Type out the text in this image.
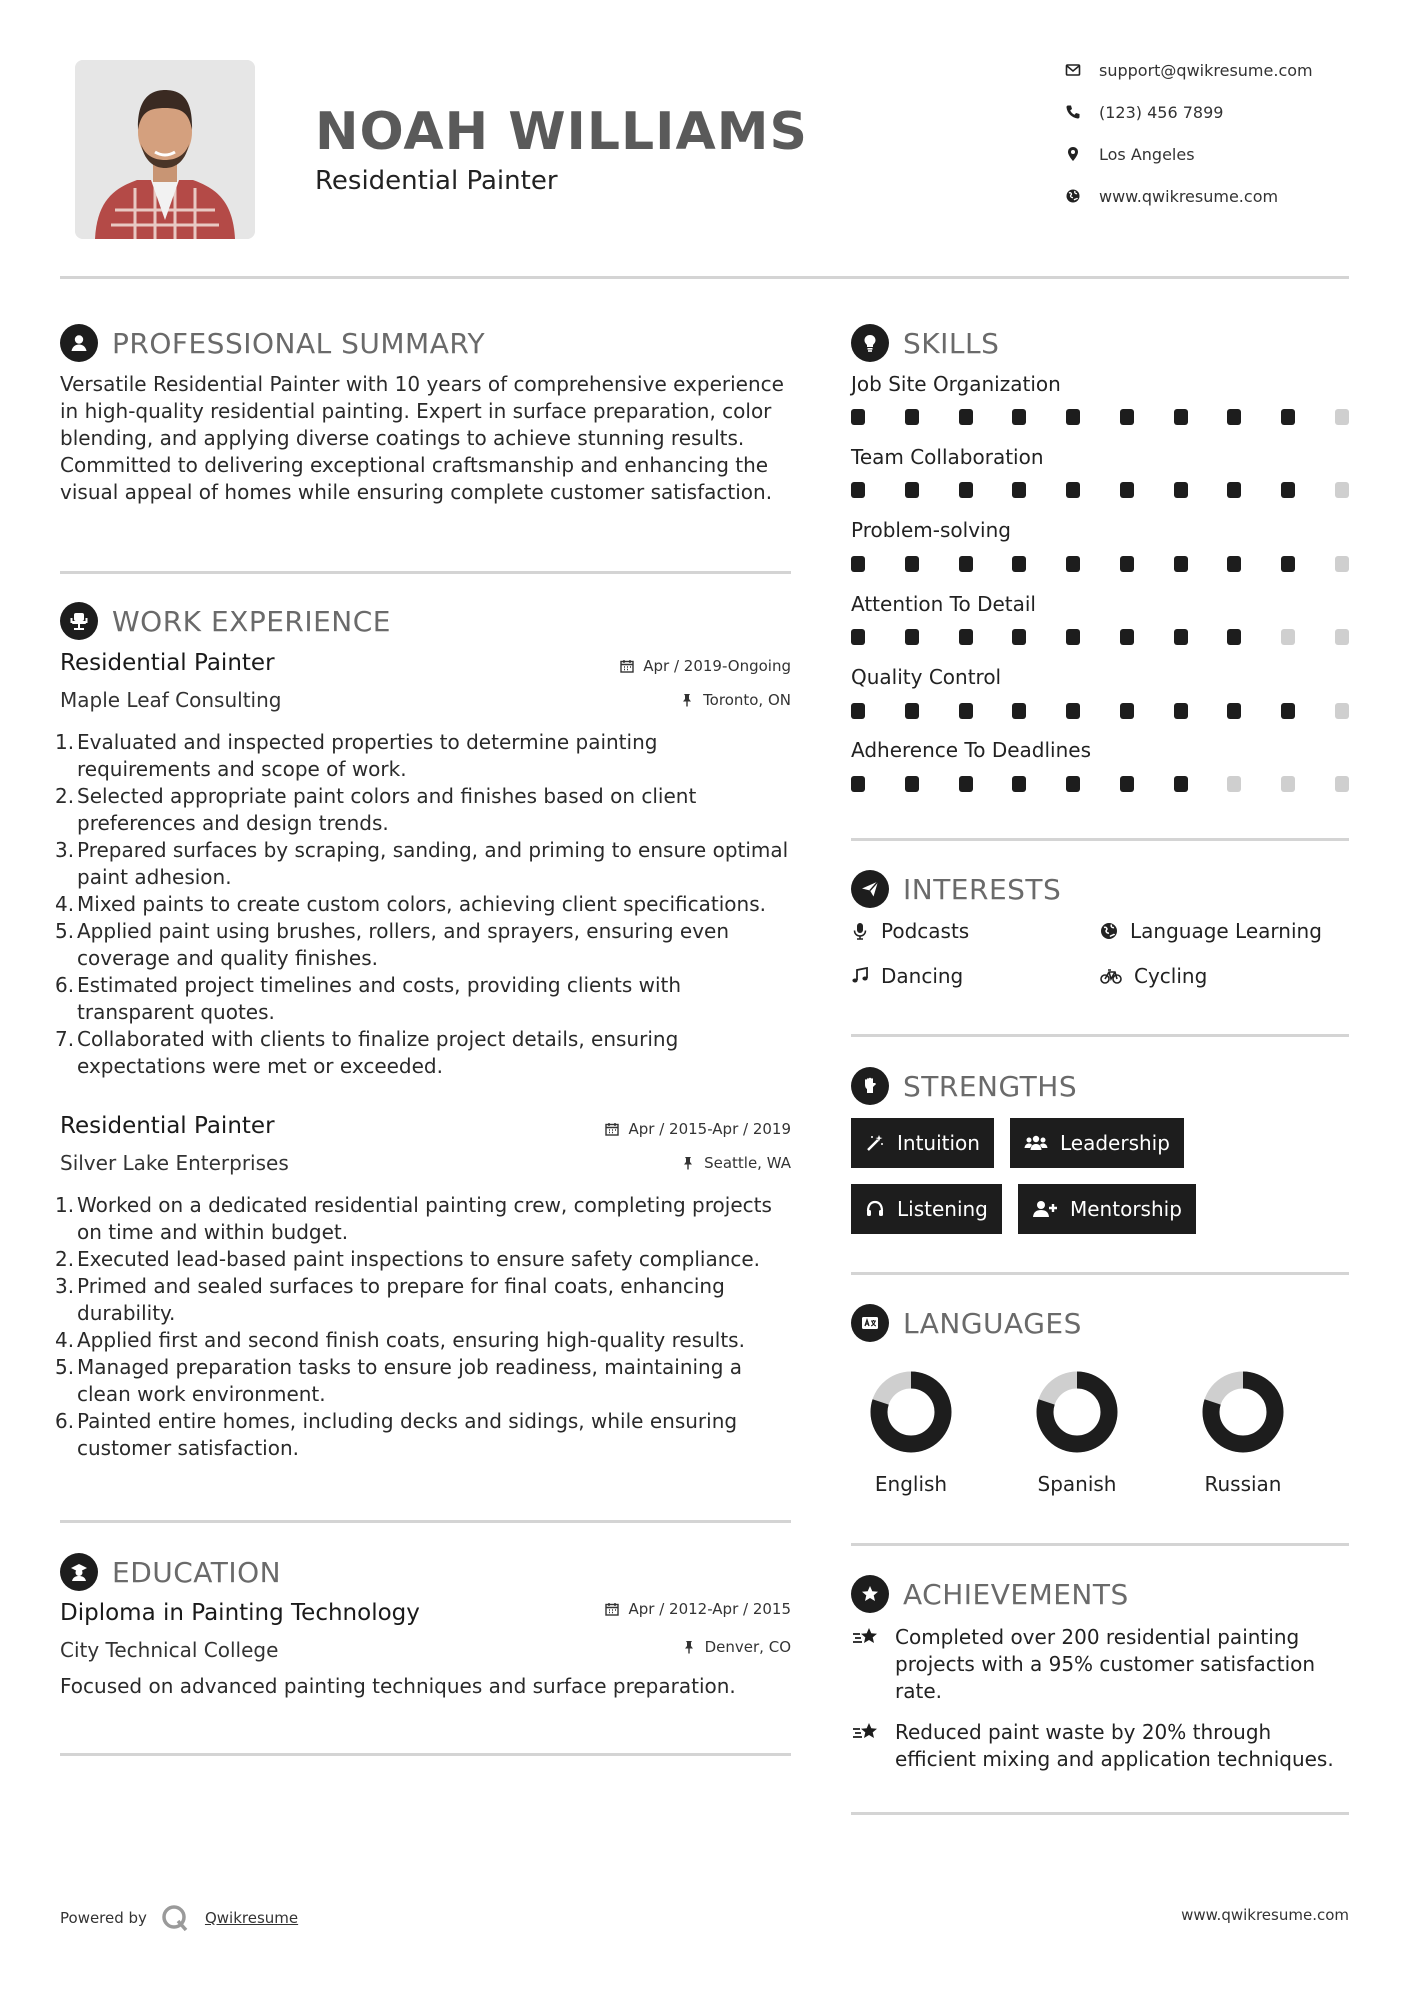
NOAH WILLIAMS
Residential Painter
support@qwikresume.com
(123) 456 7899
Los Angeles
www.qwikresume.com
PROFESSIONAL SUMMARY
Versatile Residential Painter with 10 years of comprehensive experience in high-quality residential painting. Expert in surface preparation, color blending, and applying diverse coatings to achieve stunning results. Committed to delivering exceptional craftsmanship and enhancing the visual appeal of homes while ensuring complete customer satisfaction.
WORK EXPERIENCE
Residential Painter	Apr / 2019-Ongoing
Maple Leaf Consulting	Toronto, ON
1. Evaluated and inspected properties to determine painting requirements and scope of work.
2. Selected appropriate paint colors and finishes based on client preferences and design trends.
3. Prepared surfaces by scraping, sanding, and priming to ensure optimal paint adhesion.
4. Mixed paints to create custom colors, achieving client specifications.
5. Applied paint using brushes, rollers, and sprayers, ensuring even coverage and quality finishes.
6. Estimated project timelines and costs, providing clients with transparent quotes.
7. Collaborated with clients to finalize project details, ensuring expectations were met or exceeded.
Residential Painter	Apr / 2015-Apr / 2019
Silver Lake Enterprises	Seattle, WA
1. Worked on a dedicated residential painting crew, completing projects on time and within budget.
2. Executed lead-based paint inspections to ensure safety compliance.
3. Primed and sealed surfaces to prepare for final coats, enhancing durability.
4. Applied first and second finish coats, ensuring high-quality results.
5. Managed preparation tasks to ensure job readiness, maintaining a clean work environment.
6. Painted entire homes, including decks and sidings, while ensuring customer satisfaction.
EDUCATION
Diploma in Painting Technology	Apr / 2012-Apr / 2015
City Technical College	Denver, CO
Focused on advanced painting techniques and surface preparation.
SKILLS
Job Site Organization
Team Collaboration
Problem-solving
Attention To Detail
Quality Control
Adherence To Deadlines
INTERESTS
Podcasts	Language Learning
Dancing	Cycling
STRENGTHS
Intuition	Leadership
Listening	Mentorship
LANGUAGES
English	Spanish	Russian
ACHIEVEMENTS
Completed over 200 residential painting projects with a 95% customer satisfaction rate.
Reduced paint waste by 20% through efficient mixing and application techniques.
Powered by	Qwikresume	www.qwikresume.com
